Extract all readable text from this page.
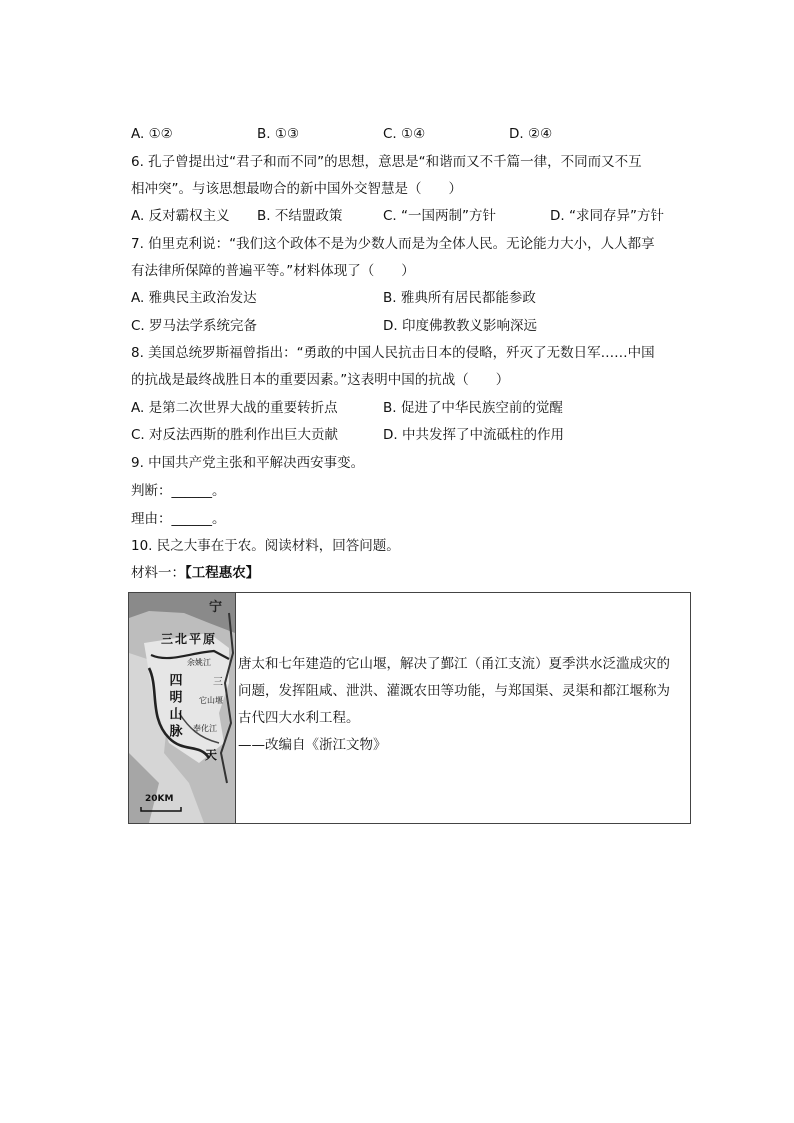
A. ①②	B. ①③	C. ①④	D. ②④
6. 孔子曾提出过“君子和而不同”的思想，意思是“和谐而又不千篇一律，不同而又不互
相冲突”。与该思想最吻合的新中国外交智慧是（　　）
A. 反对霸权主义 B. 不结盟政策	C. “一国两制”方针	D. “求同存异”方针
7. 伯里克利说：“我们这个政体不是为少数人而是为全体人民。无论能力大小，人人都享
有法律所保障的普遍平等。”材料体现了（　　）
A. 雅典民主政治发达	B. 雅典所有居民都能参政
C. 罗马法学系统完备	D. 印度佛教教义影响深远
8. 美国总统罗斯福曾指出：“勇敢的中国人民抗击日本的侵略，歼灭了无数日军……中国
的抗战是最终战胜日本的重要因素。”这表明中国的抗战（　　）
A. 是第二次世界大战的重要转折点	B. 促进了中华民族空前的觉醒
C. 对反法西斯的胜利作出巨大贡献	D. 中共发挥了中流砥柱的作用
9. 中国共产党主张和平解决西安事变。
判断：______。
理由：______。
10. 民之大事在于农。阅读材料，回答问题。
材料一：【工程惠农】
宁
三北平原
余姚江
三
它山堰
奉化江
四明山脉
天
20KM
唐太和七年建造的它山堰，解决了鄞江（甬江支流）夏季洪水泛滥成灾的
问题，发挥阻咸、泄洪、灌溉农田等功能，与郑国渠、灵渠和都江堰称为
古代四大水利工程。
——改编自《浙江文物》
